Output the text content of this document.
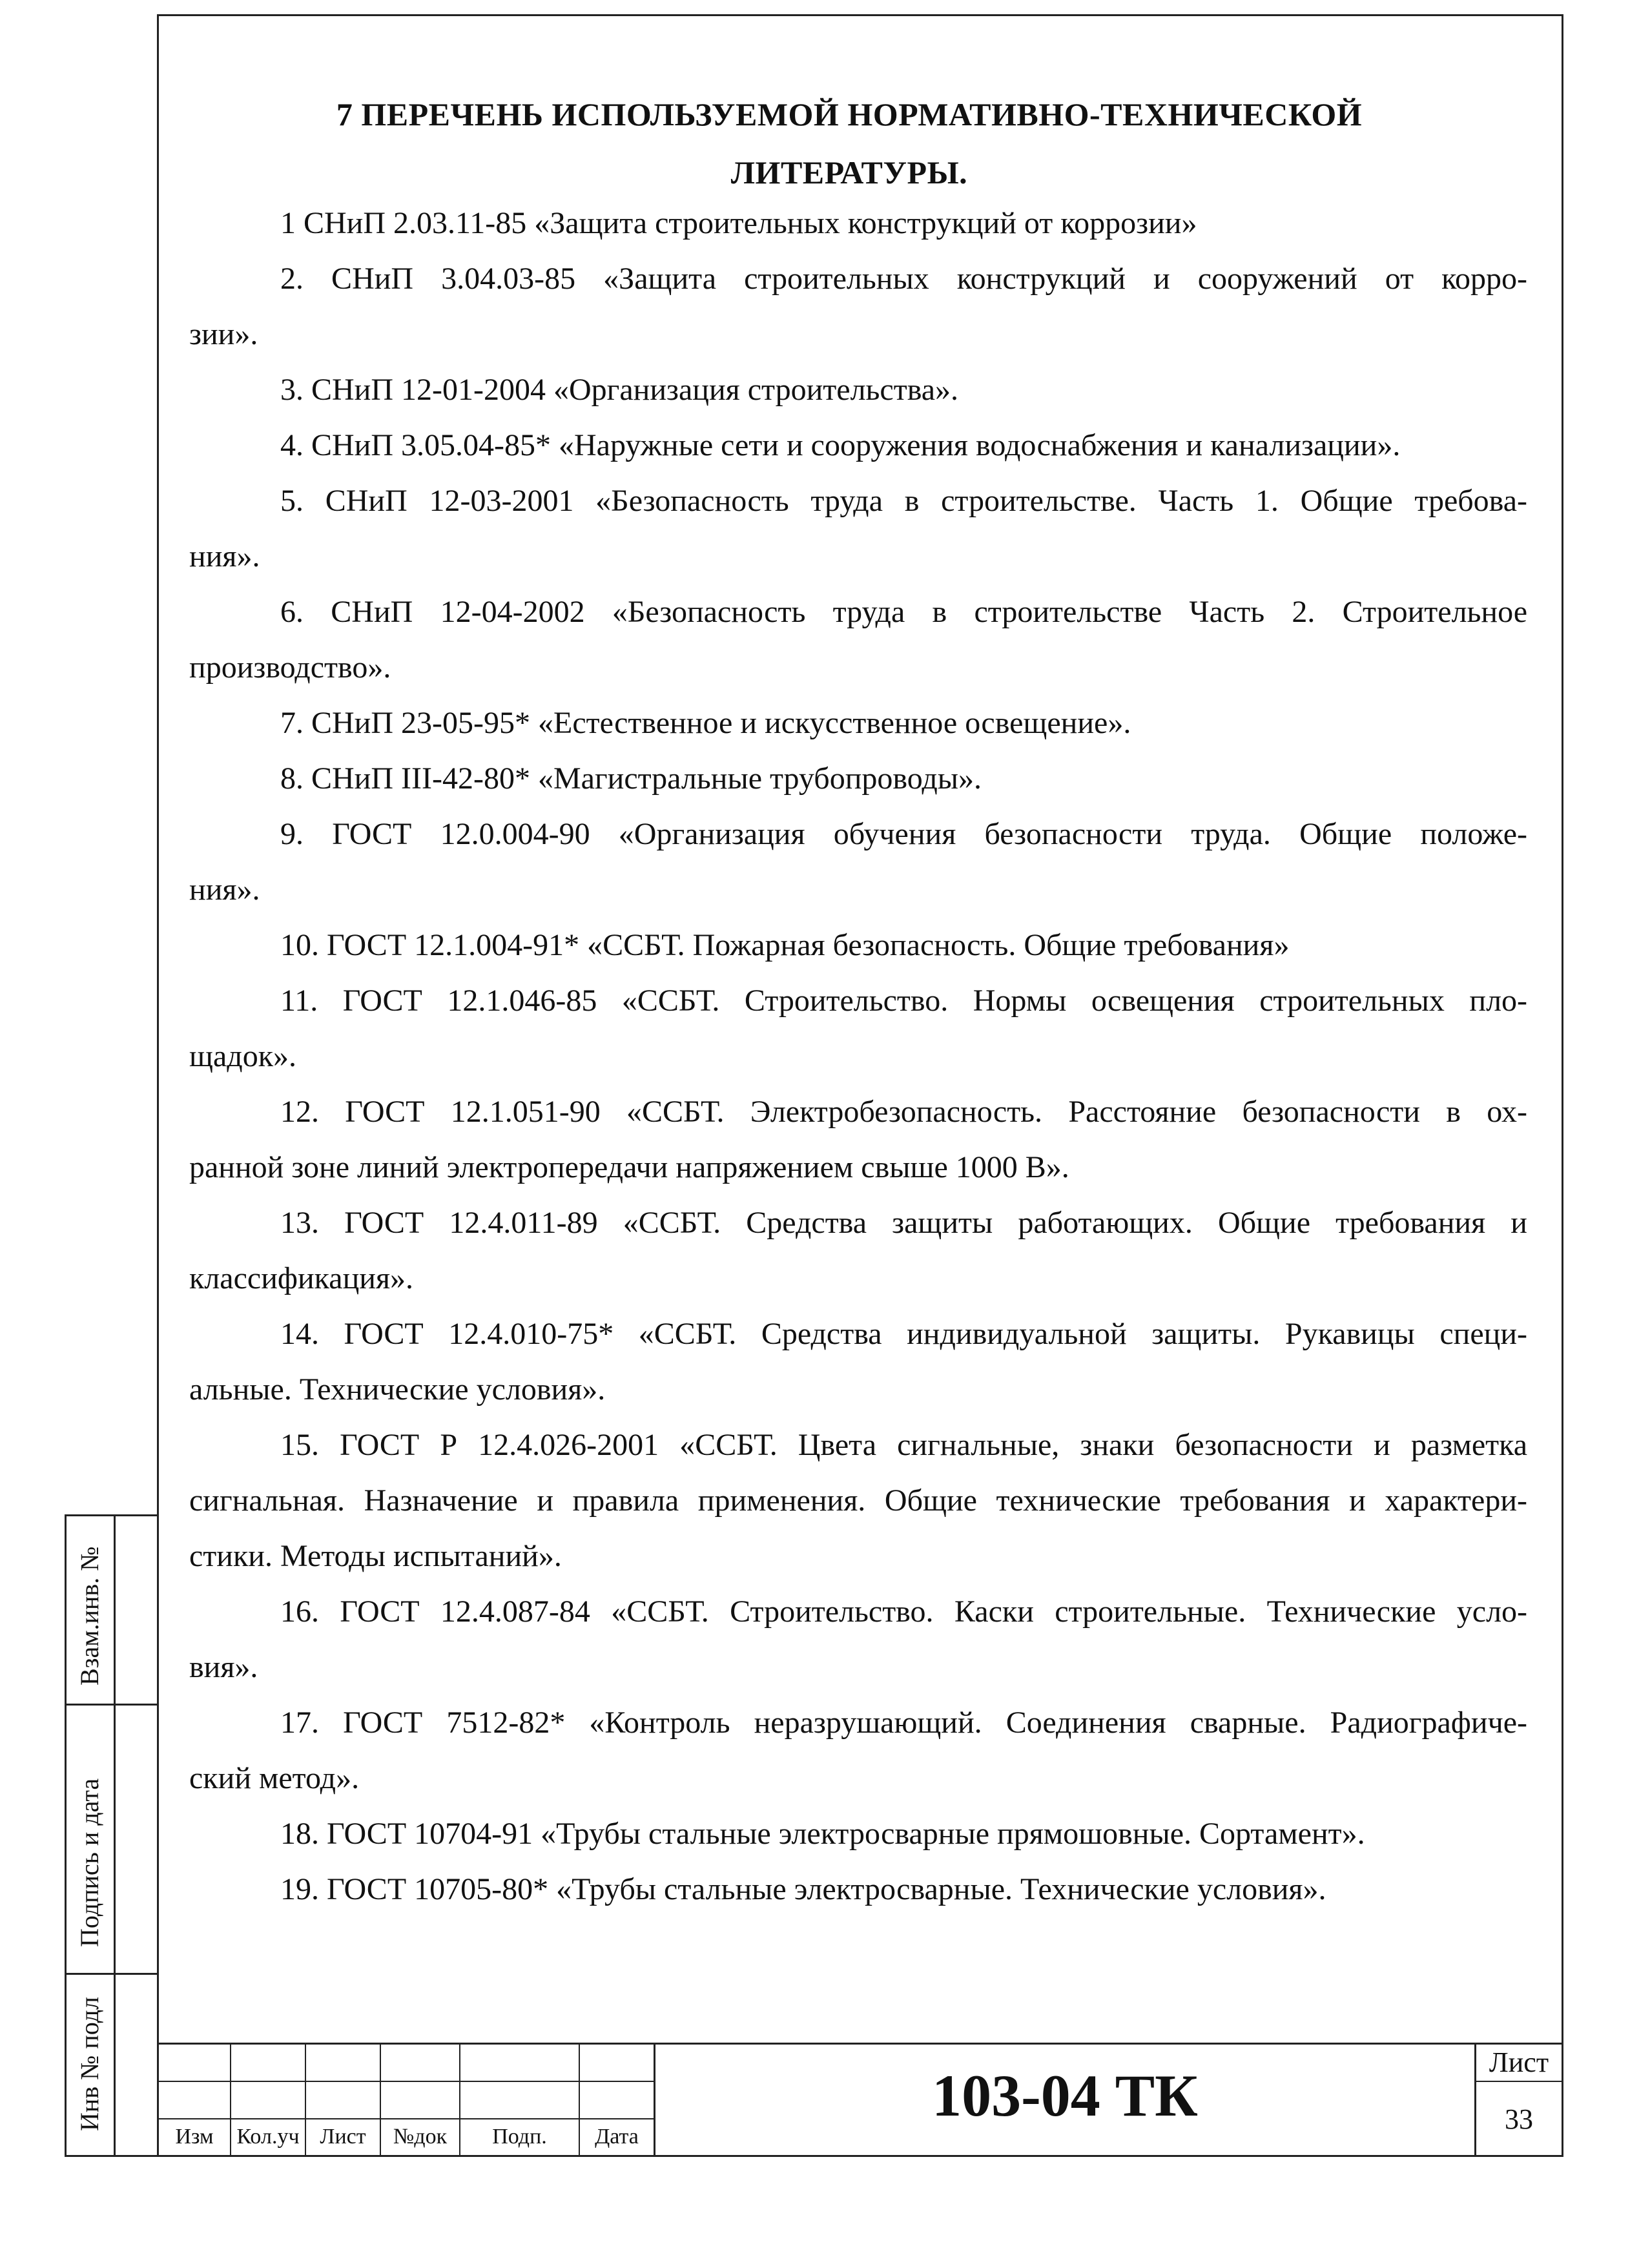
7 ПЕРЕЧЕНЬ ИСПОЛЬЗУЕМОЙ НОРМАТИВНО-ТЕХНИЧЕСКОЙ
ЛИТЕРАТУРЫ.
1 СНиП 2.03.11-85 «Защита строительных конструкций от коррозии»
2. СНиП 3.04.03-85 «Защита строительных конструкций и сооружений от корро-
зии».
3. СНиП 12-01-2004 «Организация строительства».
4. СНиП 3.05.04-85* «Наружные сети и сооружения водоснабжения и канализации».
5. СНиП 12-03-2001 «Безопасность труда в строительстве. Часть 1. Общие требова-
ния».
6. СНиП 12-04-2002 «Безопасность труда в строительстве Часть 2. Строительное
производство».
7. СНиП 23-05-95* «Естественное и искусственное освещение».
8. СНиП III-42-80* «Магистральные трубопроводы».
9. ГОСТ 12.0.004-90 «Организация обучения безопасности труда. Общие положе-
ния».
10. ГОСТ 12.1.004-91* «ССБТ. Пожарная безопасность. Общие требования»
11. ГОСТ 12.1.046-85 «ССБТ. Строительство. Нормы освещения строительных пло-
щадок».
12. ГОСТ 12.1.051-90 «ССБТ. Электробезопасность. Расстояние безопасности в ох-
ранной зоне линий электропередачи напряжением свыше 1000 В».
13. ГОСТ 12.4.011-89 «ССБТ. Средства защиты работающих. Общие требования и
классификация».
14. ГОСТ 12.4.010-75* «ССБТ. Средства индивидуальной защиты. Рукавицы специ-
альные. Технические условия».
15. ГОСТ Р 12.4.026-2001 «ССБТ. Цвета сигнальные, знаки безопасности и разметка
сигнальная. Назначение и правила применения. Общие технические требования и характери-
стики. Методы испытаний».
16. ГОСТ 12.4.087-84 «ССБТ. Строительство. Каски строительные. Технические усло-
вия».
17. ГОСТ 7512-82* «Контроль неразрушающий. Соединения сварные. Радиографиче-
ский метод».
18. ГОСТ 10704-91 «Трубы стальные электросварные прямошовные. Сортамент».
19. ГОСТ 10705-80* «Трубы стальные электросварные. Технические условия».
Взам.инв. №
Подпись и дата
Инв № подл
Изм	Кол.уч Лист	№док	Подп.	Дата
103-04 ТК
Лист
33
